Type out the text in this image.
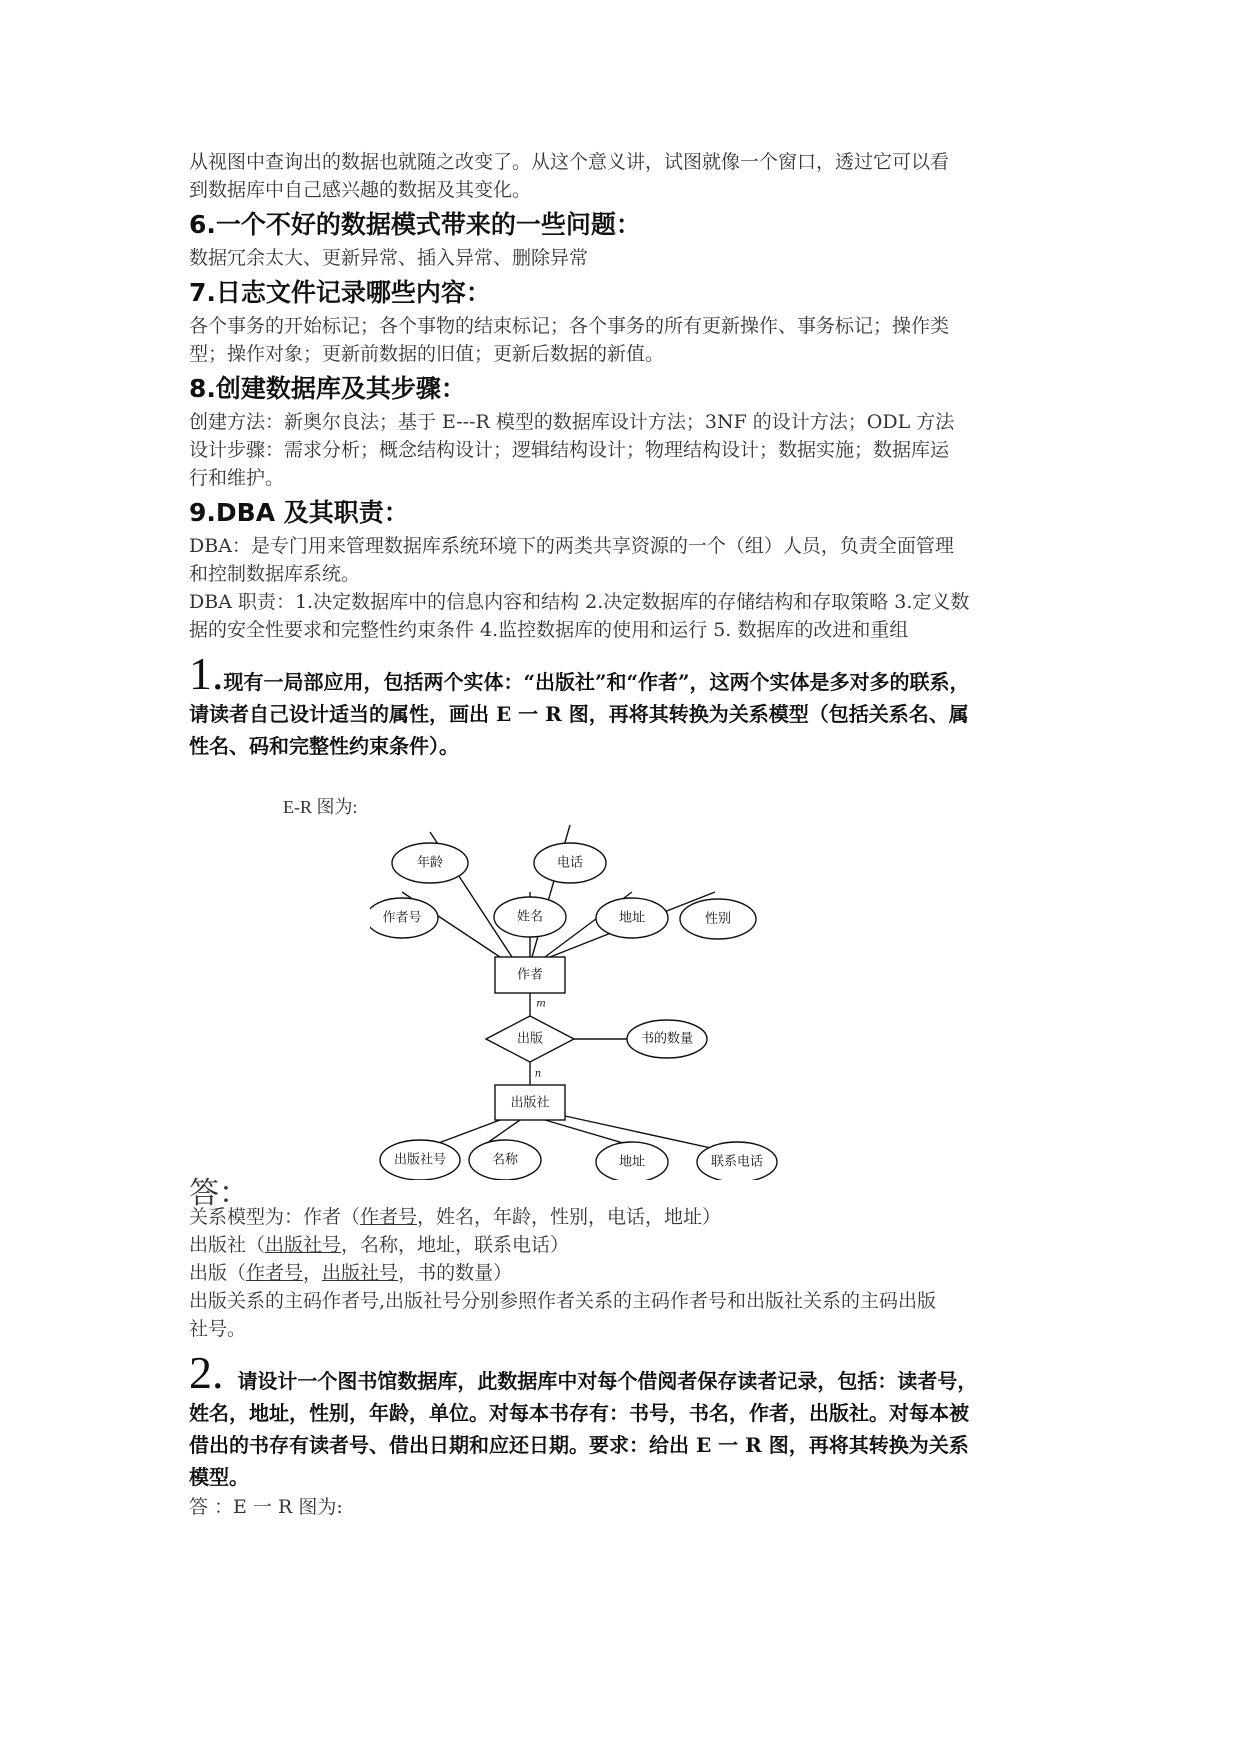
从视图中查询出的数据也就随之改变了。从这个意义讲，试图就像一个窗口，透过它可以看

到数据库中自己感兴趣的数据及其变化。

6.一个不好的数据模式带来的一些问题：

数据冗余太大、更新异常、插入异常、删除异常

7.日志文件记录哪些内容：

各个事务的开始标记；各个事物的结束标记；各个事务的所有更新操作、事务标记；操作类

型；操作对象；更新前数据的旧值；更新后数据的新值。

8.创建数据库及其步骤：

创建方法：新奥尔良法；基于 E---R 模型的数据库设计方法；3NF 的设计方法；ODL 方法

设计步骤：需求分析；概念结构设计；逻辑结构设计；物理结构设计；数据实施；数据库运

行和维护。

9.DBA 及其职责：

DBA：是专门用来管理数据库系统环境下的两类共享资源的一个（组）人员，负责全面管理

和控制数据库系统。

DBA 职责：1.决定数据库中的信息内容和结构 2.决定数据库的存储结构和存取策略 3.定义数

据的安全性要求和完整性约束条件 4.监控数据库的使用和运行 5. 数据库的改进和重组

1.现有一局部应用，包括两个实体：“出版社”和“作者”，这两个实体是多对多的联系，

请读者自己设计适当的属性，画出 E 一 R 图，再将其转换为关系模型（包括关系名、属

性名、码和完整性约束条件）。

E-R 图为:
年龄	电话
作者号	姓名	地址	性别
作者
出版	书的数量
出版社
出版社号	名称	地址	联系电话
m
n
答：

关系模型为：作者（作者号，姓名，年龄，性别，电话，地址）

出版社（出版社号，名称，地址，联系电话）

出版（作者号，出版社号，书的数量）

出版关系的主码作者号,出版社号分别参照作者关系的主码作者号和出版社关系的主码出版

社号。

2. 请设计一个图书馆数据库，此数据库中对每个借阅者保存读者记录，包括：读者号，

姓名，地址，性别，年龄，单位。对每本书存有：书号，书名，作者，出版社。对每本被

借出的书存有读者号、借出日期和应还日期。要求：给出 E 一 R 图，再将其转换为关系

模型。

答 ：E 一 R 图为:
